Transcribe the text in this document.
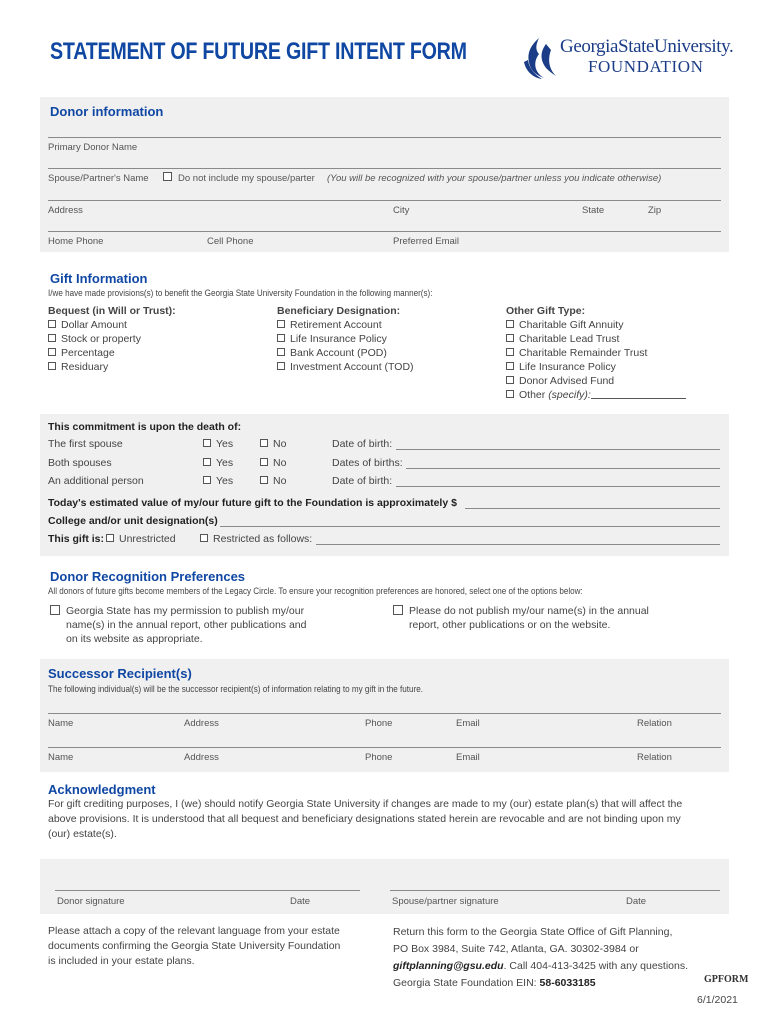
STATEMENT OF FUTURE GIFT INTENT FORM	GeorgiaStateUniversity.
FOUNDATION
Donor information
Primary Donor Name
Spouse/Partner's Name	Do not include my spouse/parter (You will be recognized with your spouse/partner unless you indicate otherwise)
Address	City	State	Zip
Home Phone	Cell Phone	Preferred Email
Gift Information
I/we have made provisions(s) to benefit the Georgia State University Foundation in the following manner(s):
Bequest (in Will or Trust):
Dollar Amount
Stock or property
Percentage
Residuary
Beneficiary Designation:
Retirement Account
Life Insurance Policy
Bank Account (POD)
Investment Account (TOD)
Other Gift Type:
Charitable Gift Annuity
Charitable Lead Trust
Charitable Remainder Trust
Life Insurance Policy
Donor Advised Fund
Other (specify):
This commitment is upon the death of:
The first spouse	Yes	No	Date of birth:
Both spouses	Yes	No	Dates of births:
An additional person	Yes	No	Date of birth:
Today's estimated value of my/our future gift to the Foundation is approximately $
College and/or unit designation(s)
This gift is:	Unrestricted	Restricted as follows:
Donor Recognition Preferences
All donors of future gifts become members of the Legacy Circle. To ensure your recognition preferences are honored, select one of the options below:
Georgia State has my permission to publish my/our
name(s) in the annual report, other publications and
on its website as appropriate.
Please do not publish my/our name(s) in the annual
report, other publications or on the website.
Successor Recipient(s)
The following individual(s) will be the successor recipient(s) of information relating to my gift in the future.
Name	Address	Phone	Email	Relation
Name	Address	Phone	Email	Relation
Acknowledgment
For gift crediting purposes, I (we) should notify Georgia State University if changes are made to my (our) estate plan(s) that will affect the
above provisions. It is understood that all bequest and beneficiary designations stated herein are revocable and are not binding upon my
(our) estate(s).
Donor signature	Date	Spouse/partner signature	Date
Please attach a copy of the relevant language from your estate
documents confirming the Georgia State University Foundation
is included in your estate plans.
Return this form to the Georgia State Office of Gift Planning,
PO Box 3984, Suite 742, Atlanta, GA. 30302-3984 or
giftplanning@gsu.edu. Call 404-413-3425 with any questions.
Georgia State Foundation EIN: 58-6033185	GPFORM
6/1/2021
